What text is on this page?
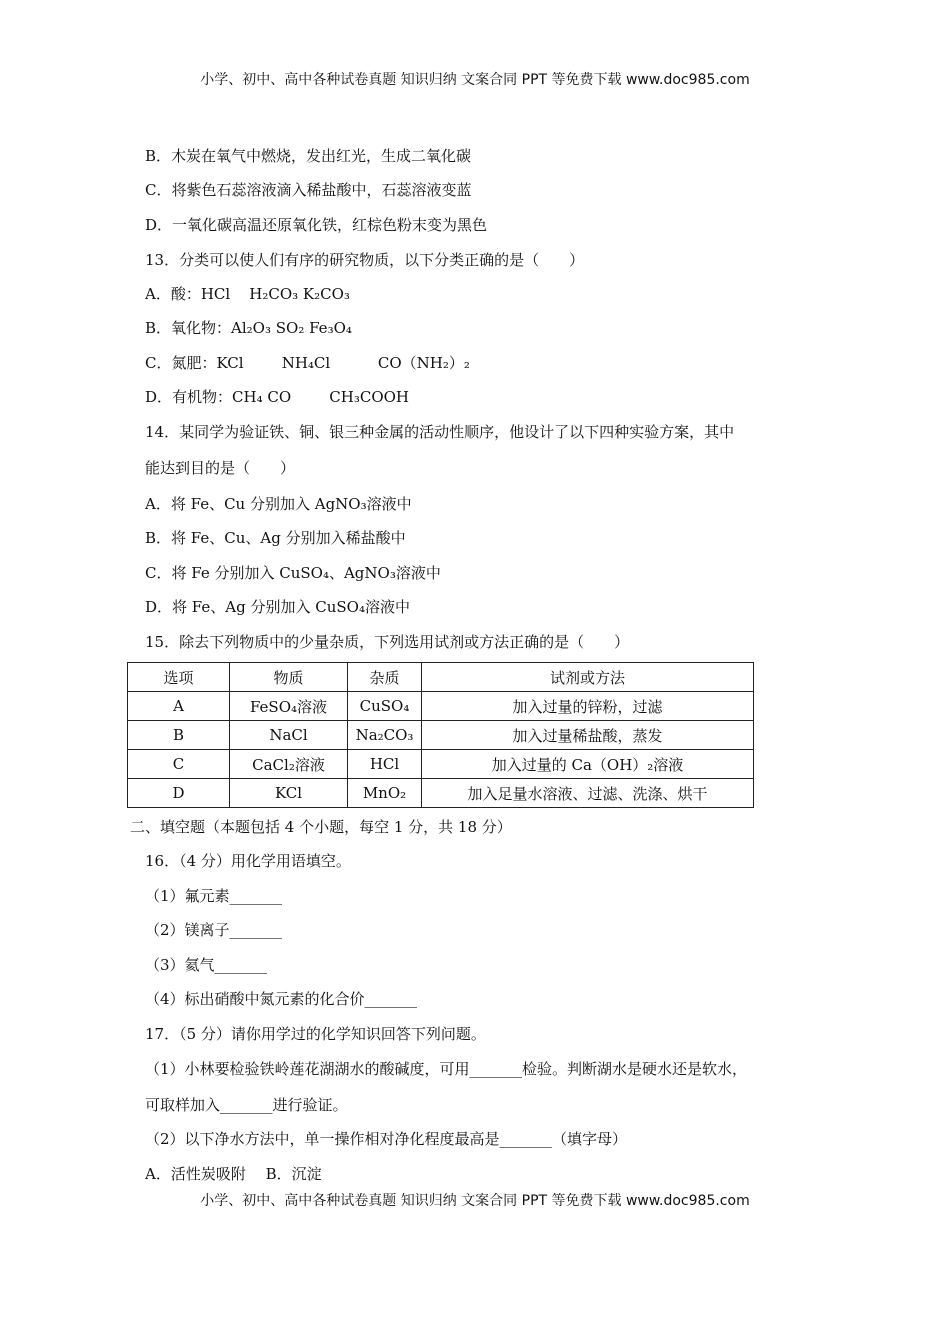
小学、初中、高中各种试卷真题 知识归纳 文案合同 PPT 等免费下载 www.doc985.com
B．木炭在氧气中燃烧，发出红光，生成二氧化碳
C．将紫色石蕊溶液滴入稀盐酸中，石蕊溶液变蓝
D．一氧化碳高温还原氧化铁，红棕色粉末变为黑色
13．分类可以使人们有序的研究物质，以下分类正确的是（　　）
A．酸：HCl    H₂CO₃ K₂CO₃
B．氧化物：Al₂O₃ SO₂ Fe₃O₄
C．氮肥：KCl        NH₄Cl          CO（NH₂）₂
D．有机物：CH₄ CO        CH₃COOH
14．某同学为验证铁、铜、银三种金属的活动性顺序，他设计了以下四种实验方案，其中
能达到目的是（　　）
A．将 Fe、Cu 分别加入 AgNO₃溶液中
B．将 Fe、Cu、Ag 分别加入稀盐酸中
C．将 Fe 分别加入 CuSO₄、AgNO₃溶液中
D．将 Fe、Ag 分别加入 CuSO₄溶液中
15．除去下列物质中的少量杂质，下列选用试剂或方法正确的是（　　）
二、填空题（本题包括 4 个小题，每空 1 分，共 18 分）
16．（4 分）用化学用语填空。
（1）氟元素_______
（2）镁离子_______
（3）氦气_______
（4）标出硝酸中氮元素的化合价_______
17．（5 分）请你用学过的化学知识回答下列问题。
（1）小林要检验铁岭莲花湖湖水的酸碱度，可用_______检验。判断湖水是硬水还是软水，
可取样加入_______进行验证。
（2）以下净水方法中，单一操作相对净化程度最高是_______（填字母）
A．活性炭吸附　 B．沉淀
选项	物质	杂质	试剂或方法
A	FeSO₄溶液	CuSO₄	加入过量的锌粉，过滤
B	NaCl	Na₂CO₃	加入过量稀盐酸，蒸发
C	CaCl₂溶液	HCl	加入过量的 Ca（OH）₂溶液
D	KCl	MnO₂	加入足量水溶液、过滤、洗涤、烘干
小学、初中、高中各种试卷真题 知识归纳 文案合同 PPT 等免费下载 www.doc985.com
